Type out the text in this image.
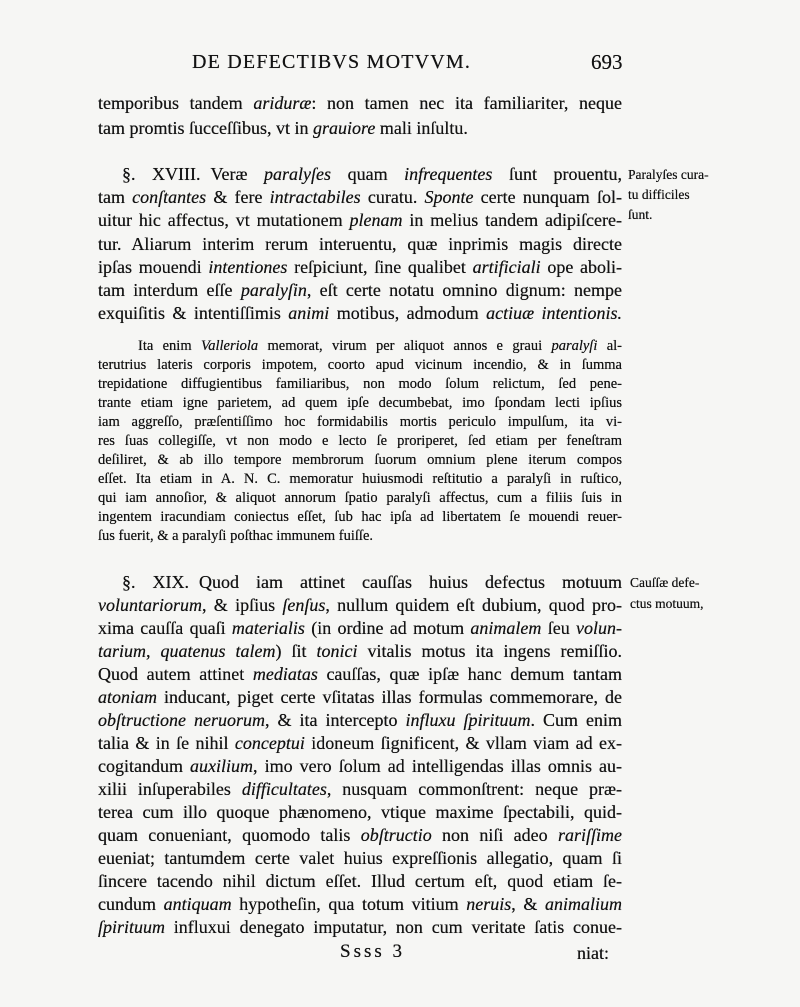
DE DEFECTIBVS MOTVVM.	693
temporibus tandem ariduræ: non tamen nec ita familiariter, neque
tam promtis ſucceſſibus, vt in grauiore mali inſultu.
§. XVIII. Veræ paralyſes quam infrequentes ſunt prouentu,
tam conſtantes & fere intractabiles curatu. Sponte certe nunquam ſol-
uitur hic affectus, vt mutationem plenam in melius tandem adipiſcere-
tur. Aliarum interim rerum interuentu, quæ inprimis magis directe
ipſas mouendi intentiones reſpiciunt, ſine qualibet artificiali ope aboli-
tam interdum eſſe paralyſin, eſt certe notatu omnino dignum: nempe
exquiſitis & intentiſſimis animi motibus, admodum actiuæ intentionis.
Paralyſes cura-
tu difficiles
ſunt.
Ita enim Valleriola memorat, virum per aliquot annos e graui paralyſi al-
terutrius lateris corporis impotem, coorto apud vicinum incendio, & in ſumma
trepidatione diffugientibus familiaribus, non modo ſolum relictum, ſed pene-
trante etiam igne parietem, ad quem ipſe decumbebat, imo ſpondam lecti ipſius
iam aggreſſo, præſentiſſimo hoc formidabilis mortis periculo impulſum, ita vi-
res ſuas collegiſſe, vt non modo e lecto ſe proriperet, ſed etiam per feneſtram
deſiliret, & ab illo tempore membrorum ſuorum omnium plene iterum compos
eſſet. Ita etiam in A. N. C. memoratur huiusmodi reſtitutio a paralyſi in ruſtico,
qui iam annoſior, & aliquot annorum ſpatio paralyſi affectus, cum a filiis ſuis in
ingentem iracundiam coniectus eſſet, ſub hac ipſa ad libertatem ſe mouendi reuer-
ſus fuerit, & a paralyſi poſthac immunem fuiſſe.
§. XIX. Quod iam attinet cauſſas huius defectus motuum
voluntariorum, & ipſius ſenſus, nullum quidem eſt dubium, quod pro-
xima cauſſa quaſi materialis (in ordine ad motum animalem ſeu volun-
tarium, quatenus talem) ſit tonici vitalis motus ita ingens remiſſio.
Quod autem attinet mediatas cauſſas, quæ ipſæ hanc demum tantam
atoniam inducant, piget certe vſitatas illas formulas commemorare, de
obſtructione neruorum, & ita intercepto influxu ſpirituum. Cum enim
talia & in ſe nihil conceptui idoneum ſignificent, & vllam viam ad ex-
cogitandum auxilium, imo vero ſolum ad intelligendas illas omnis au-
xilii inſuperabiles difficultates, nusquam commonſtrent: neque præ-
terea cum illo quoque phænomeno, vtique maxime ſpectabili, quid-
quam conueniant, quomodo talis obſtructio non niſi adeo rariſſime
eueniat; tantumdem certe valet huius expreſſionis allegatio, quam ſi
ſincere tacendo nihil dictum eſſet. Illud certum eſt, quod etiam ſe-
cundum antiquam hypotheſin, qua totum vitium neruis, & animalium
ſpirituum influxui denegato imputatur, non cum veritate ſatis conue-
Cauſſæ defe-
ctus motuum,
Ssss 3	niat:
